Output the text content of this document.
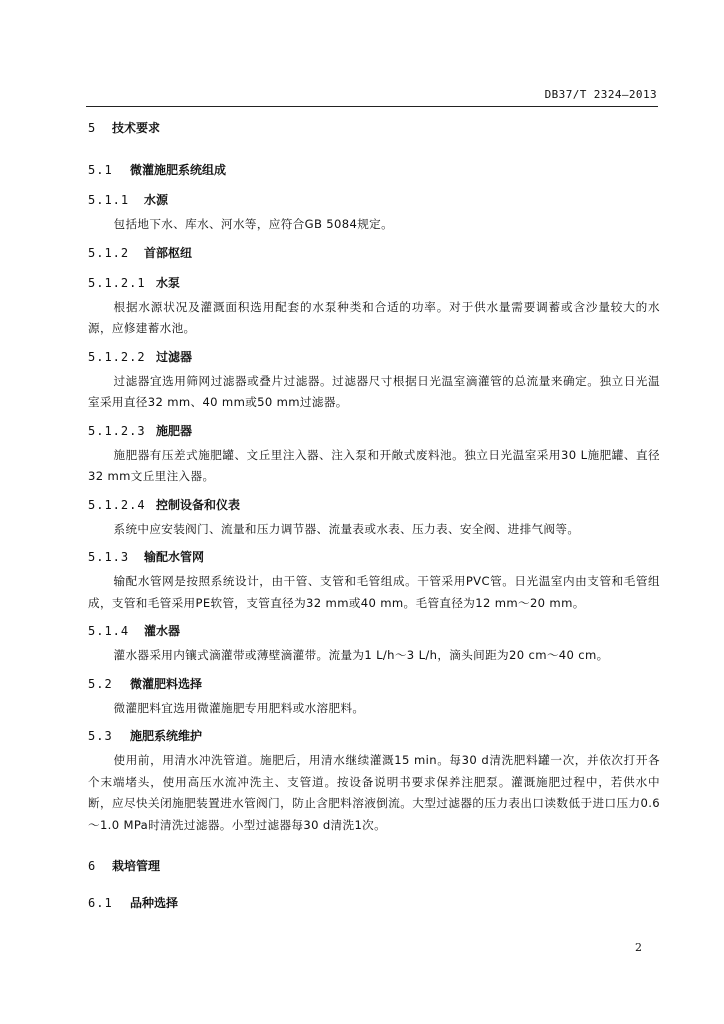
DB37/T 2324—2013

5 技术要求

5.1 微灌施肥系统组成

5.1.1 水源

包括地下水、库水、河水等，应符合GB 5084规定。

5.1.2 首部枢纽

5.1.2.1 水泵

根据水源状况及灌溉面积选用配套的水泵种类和合适的功率。对于供水量需要调蓄或含沙量较大的水源，应修建蓄水池。

5.1.2.2 过滤器

过滤器宜选用筛网过滤器或叠片过滤器。过滤器尺寸根据日光温室滴灌管的总流量来确定。独立日光温室采用直径32 mm、40 mm或50 mm过滤器。

5.1.2.3 施肥器

施肥器有压差式施肥罐、文丘里注入器、注入泵和开敞式废料池。独立日光温室采用30 L施肥罐、直径32 mm文丘里注入器。

5.1.2.4 控制设备和仪表

系统中应安装阀门、流量和压力调节器、流量表或水表、压力表、安全阀、进排气阀等。

5.1.3 输配水管网

输配水管网是按照系统设计，由干管、支管和毛管组成。干管采用PVC管。日光温室内由支管和毛管组成，支管和毛管采用PE软管，支管直径为32 mm或40 mm。毛管直径为12 mm～20 mm。

5.1.4 灌水器

灌水器采用内镶式滴灌带或薄壁滴灌带。流量为1 L/h～3 L/h，滴头间距为20 cm～40 cm。

5.2 微灌肥料选择

微灌肥料宜选用微灌施肥专用肥料或水溶肥料。

5.3 施肥系统维护

使用前，用清水冲洗管道。施肥后，用清水继续灌溉15 min。每30 d清洗肥料罐一次，并依次打开各个末端堵头，使用高压水流冲洗主、支管道。按设备说明书要求保养注肥泵。灌溉施肥过程中，若供水中断，应尽快关闭施肥装置进水管阀门，防止含肥料溶液倒流。大型过滤器的压力表出口读数低于进口压力0.6～1.0 MPa时清洗过滤器。小型过滤器每30 d清洗1次。

6 栽培管理

6.1 品种选择

2
